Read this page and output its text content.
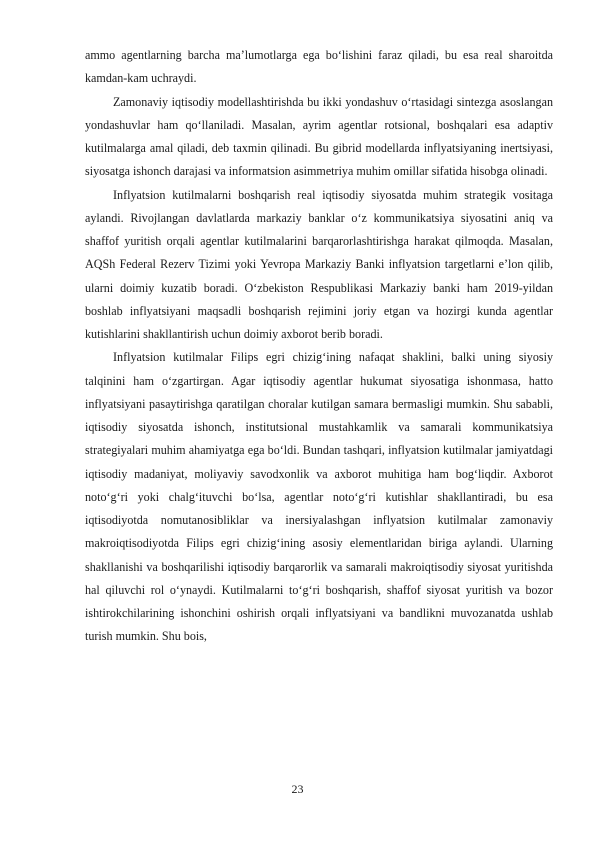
ammo agentlarning barcha ma’lumotlarga ega bo‘lishini faraz qiladi, bu esa real sharoitda kamdan-kam uchraydi.

Zamonaviy iqtisodiy modellashtirishda bu ikki yondashuv o‘rtasidagi sintezga asoslangan yondashuvlar ham qo‘llaniladi. Masalan, ayrim agentlar rotsional, boshqalari esa adaptiv kutilmalarga amal qiladi, deb taxmin qilinadi. Bu gibrid modellarda inflyatsiyaning inertsiyasi, siyosatga ishonch darajasi va informatsion asimmetriya muhim omillar sifatida hisobga olinadi.

Inflyatsion kutilmalarni boshqarish real iqtisodiy siyosatda muhim strategik vositaga aylandi. Rivojlangan davlatlarda markaziy banklar o‘z kommunikatsiya siyosatini aniq va shaffof yuritish orqali agentlar kutilmalarini barqarorlashtirishga harakat qilmoqda. Masalan, AQSh Federal Rezerv Tizimi yoki Yevropa Markaziy Banki inflyatsion targetlarni e’lon qilib, ularni doimiy kuzatib boradi. O‘zbekiston Respublikasi Markaziy banki ham 2019-yildan boshlab inflyatsiyani maqsadli boshqarish rejimini joriy etgan va hozirgi kunda agentlar kutishlarini shakllantirish uchun doimiy axborot berib boradi.

Inflyatsion kutilmalar Filips egri chizig‘ining nafaqat shaklini, balki uning siyosiy talqinini ham o‘zgartirgan. Agar iqtisodiy agentlar hukumat siyosatiga ishonmasa, hatto inflyatsiyani pasaytirishga qaratilgan choralar kutilgan samara bermasligi mumkin. Shu sababli, iqtisodiy siyosatda ishonch, institutsional mustahkamlik va samarali kommunikatsiya strategiyalari muhim ahamiyatga ega bo‘ldi. Bundan tashqari, inflyatsion kutilmalar jamiyatdagi iqtisodiy madaniyat, moliyaviy savodxonlik va axborot muhitiga ham bog‘liqdir. Axborot noto‘g‘ri yoki chalg‘ituvchi bo‘lsa, agentlar noto‘g‘ri kutishlar shakllantiradi, bu esa iqtisodiyotda nomutanosibliklar va inersiyalashgan inflyatsion kutilmalar zamonaviy makroiqtisodiyotda Filips egri chizig‘ining asosiy elementlaridan biriga aylandi. Ularning shakllanishi va boshqarilishi iqtisodiy barqarorlik va samarali makroiqtisodiy siyosat yuritishda hal qiluvchi rol o‘ynaydi. Kutilmalarni to‘g‘ri boshqarish, shaffof siyosat yuritish va bozor ishtirokchilarining ishonchini oshirish orqali inflyatsiyani va bandlikni muvozanatda ushlab turish mumkin. Shu bois,

23
